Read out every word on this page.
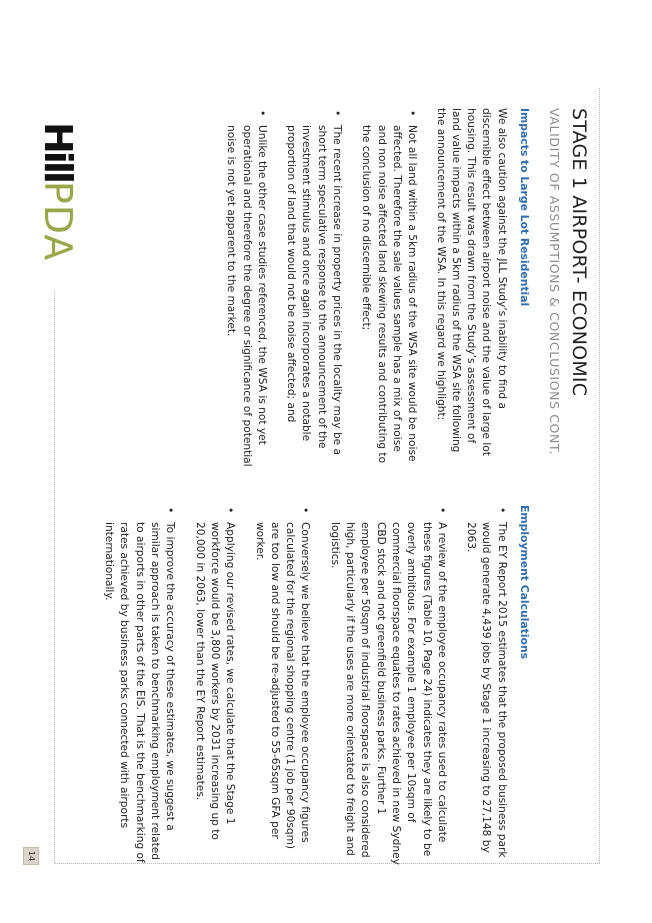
STAGE 1 AIRPORT- ECONOMIC
VALIDITY OF ASSUMPTIONS & CONCLUSIONS CONT.
Impacts to Large Lot Residential
We also caution against the JLL Study’s inability to find a discernible effect between airport noise and the value of large lot housing. This result was drawn from the Study’s assessment of land value impacts within a 5km radius of the WSA site following the announcement of the WSA. In this regard we highlight:
•
Not all land within a 5km radius of the WSA site would be noise affected. Therefore the sale values sample has a mix of noise and non noise affected land skewing results and contributing to the conclusion of no discernible effect;
•
The recent increase in property prices in the locality may be a short term speculative response to the announcement of the investment stimulus and once again incorporates a notable proportion of land that would not be noise affected; and
•
Unlike the other case studies referenced, the WSA is not yet operational and therefore the degree or significance of potential noise is not yet apparent to the market.
Employment Calculations
•
The EY Report 2015 estimates that the proposed business park would generate 4,439 jobs by Stage 1 increasing to 27,148 by 2063.
•
A review of the employee occupancy rates used to calculate these figures (Table 10, Page 24) indicates they are likely to be overly ambitious. For example 1 employee per 10sqm of commercial floorspace equates to rates achieved in new Sydney CBD stock and not greenfield business parks. Further 1 employee per 50sqm of industrial floorspace is also considered high, particularly if the uses are more orientated to freight and logistics.
•
Conversely we believe that the employee occupancy figures calculated for the regional shopping centre (1 job per 90sqm) are too low and should be re-adjusted to 55-65sqm GFA per worker.
•
Applying our revised rates, we calculate that the Stage 1 workforce would be 3,800 workers by 2031 increasing up to 20,000 in 2063, lower than the EY Report estimates.
•
To improve the accuracy of these estimates, we suggest a similar approach is taken to benchmarking employment related to airports in other parts of the EIS. That is the benchmarking of rates achieved by business parks connected with airports internationally.
HillPDA
14
